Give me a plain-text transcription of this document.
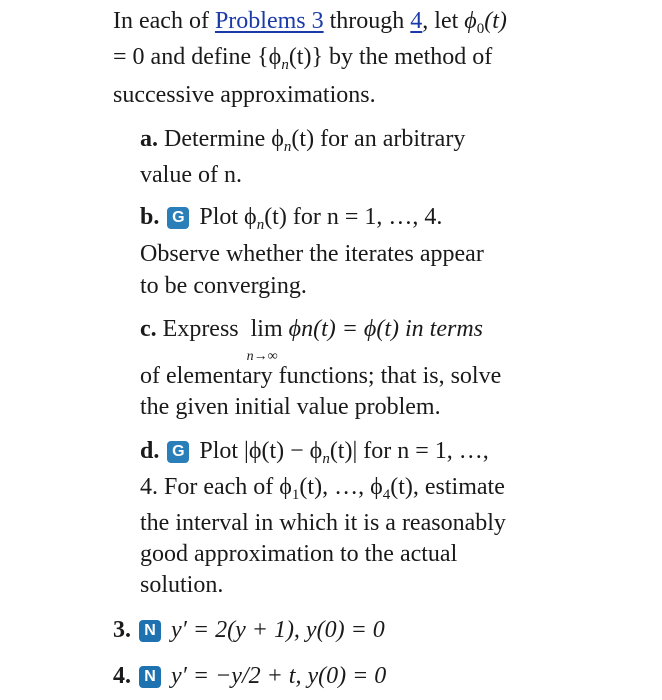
In each of Problems 3 through 4, let $\phi_0(t)$
= 0 and define $\{\phi_n(t)\}$ by the method of
successive approximations.
a. Determine $\phi_n(t)$ for an arbitrary
value of n.
b. G Plot $\phi_n(t)$ for n = 1, …, 4.
Observe whether the iterates appear
to be converging.
c. Express lim
n→∞
ϕn(t) = ϕ(t) in terms
of elementary functions; that is, solve
the given initial value problem.
d. G Plot $|\phi(t) - \phi_n(t)|$ for n = 1, …,
4. For each of $\phi_1(t)$, …, $\phi_4(t)$, estimate
the interval in which it is a reasonably
good approximation to the actual
solution.
3. N y′ = 2(y + 1), y(0) = 0
4. N y′ = −y/2 + t, y(0) = 0
